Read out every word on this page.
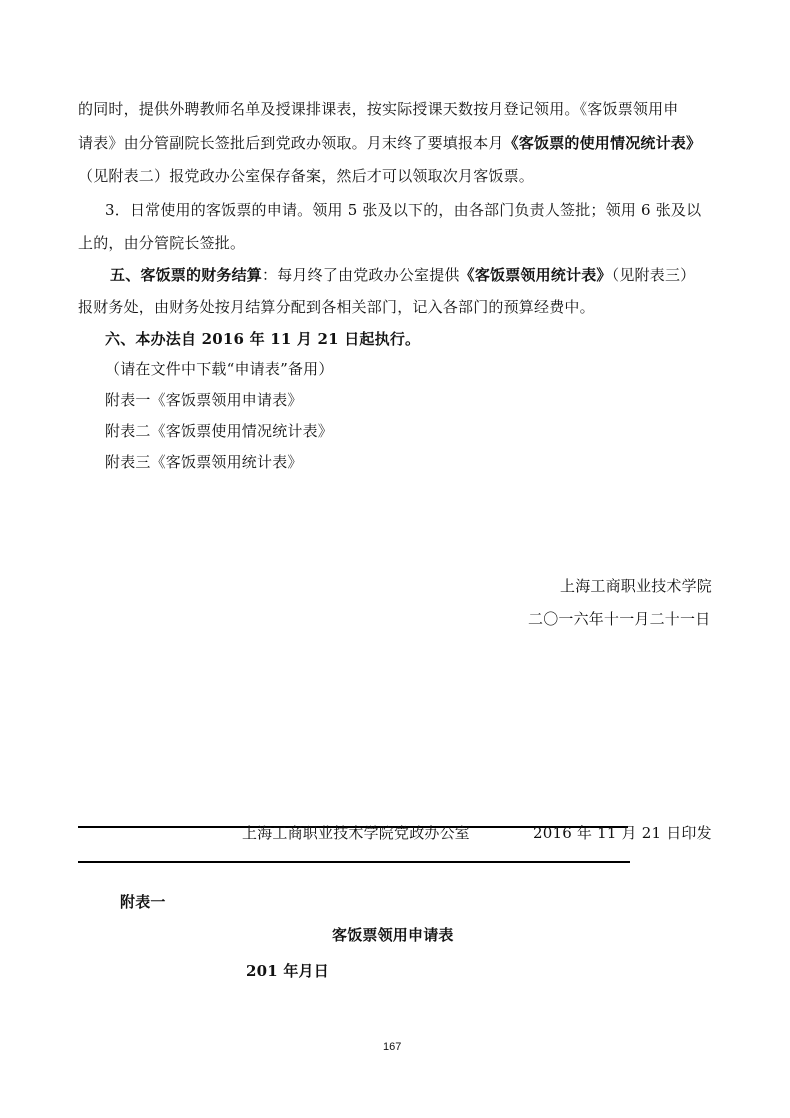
的同时，提供外聘教师名单及授课排课表，按实际授课天数按月登记领用。《客饭票领用申
请表》由分管副院长签批后到党政办领取。月末终了要填报本月《客饭票的使用情况统计表》
（见附表二）报党政办公室保存备案，然后才可以领取次月客饭票。
3．日常使用的客饭票的申请。领用 5 张及以下的，由各部门负责人签批；领用 6 张及以
上的，由分管院长签批。
五、客饭票的财务结算：每月终了由党政办公室提供《客饭票领用统计表》（见附表三）
报财务处，由财务处按月结算分配到各相关部门，记入各部门的预算经费中。
六、本办法自 2016 年 11 月 21 日起执行。
（请在文件中下载“申请表”备用）
附表一《客饭票领用申请表》
附表二《客饭票使用情况统计表》
附表三《客饭票领用统计表》
上海工商职业技术学院
二〇一六年十一月二十一日
上海工商职业技术学院党政办公室	2016 年 11 月 21 日印发
附表一
客饭票领用申请表
201 年月日
167
